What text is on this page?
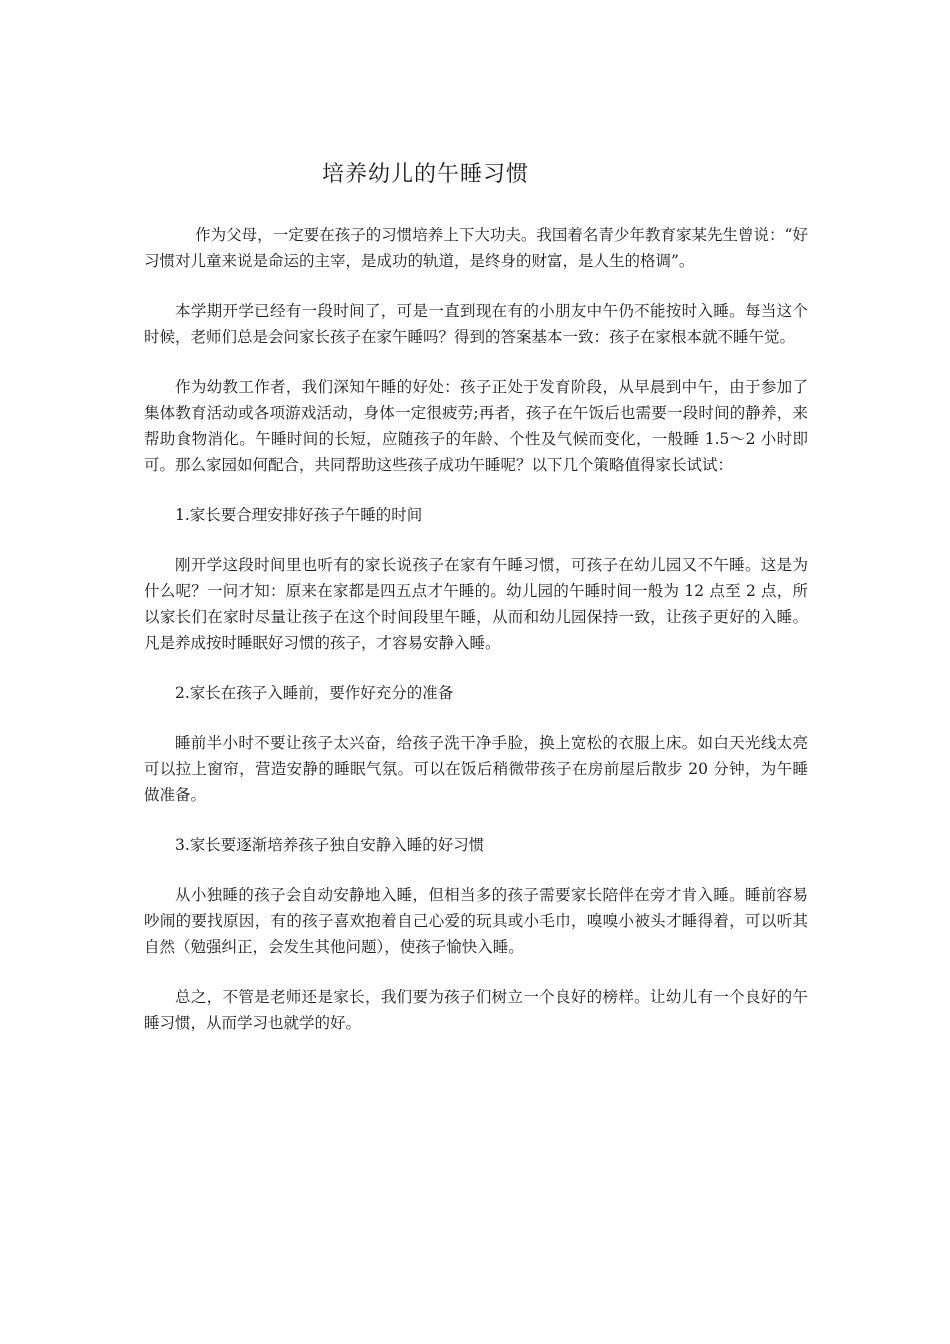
培养幼儿的午睡习惯

作为父母，一定要在孩子的习惯培养上下大功夫。我国着名青少年教育家某先生曾说：“好习惯对儿童来说是命运的主宰，是成功的轨道，是终身的财富，是人生的格调”。

本学期开学已经有一段时间了，可是一直到现在有的小朋友中午仍不能按时入睡。每当这个时候，老师们总是会问家长孩子在家午睡吗？得到的答案基本一致：孩子在家根本就不睡午觉。

作为幼教工作者，我们深知午睡的好处：孩子正处于发育阶段，从早晨到中午，由于参加了集体教育活动或各项游戏活动，身体一定很疲劳;再者，孩子在午饭后也需要一段时间的静养，来帮助食物消化。午睡时间的长短，应随孩子的年龄、个性及气候而变化，一般睡 1.5～2 小时即可。那么家园如何配合，共同帮助这些孩子成功午睡呢？以下几个策略值得家长试试：

1.家长要合理安排好孩子午睡的时间

刚开学这段时间里也听有的家长说孩子在家有午睡习惯，可孩子在幼儿园又不午睡。这是为什么呢？一问才知：原来在家都是四五点才午睡的。幼儿园的午睡时间一般为 12 点至 2 点，所以家长们在家时尽量让孩子在这个时间段里午睡，从而和幼儿园保持一致，让孩子更好的入睡。凡是养成按时睡眠好习惯的孩子，才容易安静入睡。

2.家长在孩子入睡前，要作好充分的准备

睡前半小时不要让孩子太兴奋，给孩子洗干净手脸，换上宽松的衣服上床。如白天光线太亮可以拉上窗帘，营造安静的睡眠气氛。可以在饭后稍微带孩子在房前屋后散步 20 分钟，为午睡做准备。

3.家长要逐渐培养孩子独自安静入睡的好习惯

从小独睡的孩子会自动安静地入睡，但相当多的孩子需要家长陪伴在旁才肯入睡。睡前容易吵闹的要找原因，有的孩子喜欢抱着自己心爱的玩具或小毛巾，嗅嗅小被头才睡得着，可以听其自然（勉强纠正，会发生其他问题），使孩子愉快入睡。

总之，不管是老师还是家长，我们要为孩子们树立一个良好的榜样。让幼儿有一个良好的午睡习惯，从而学习也就学的好。
